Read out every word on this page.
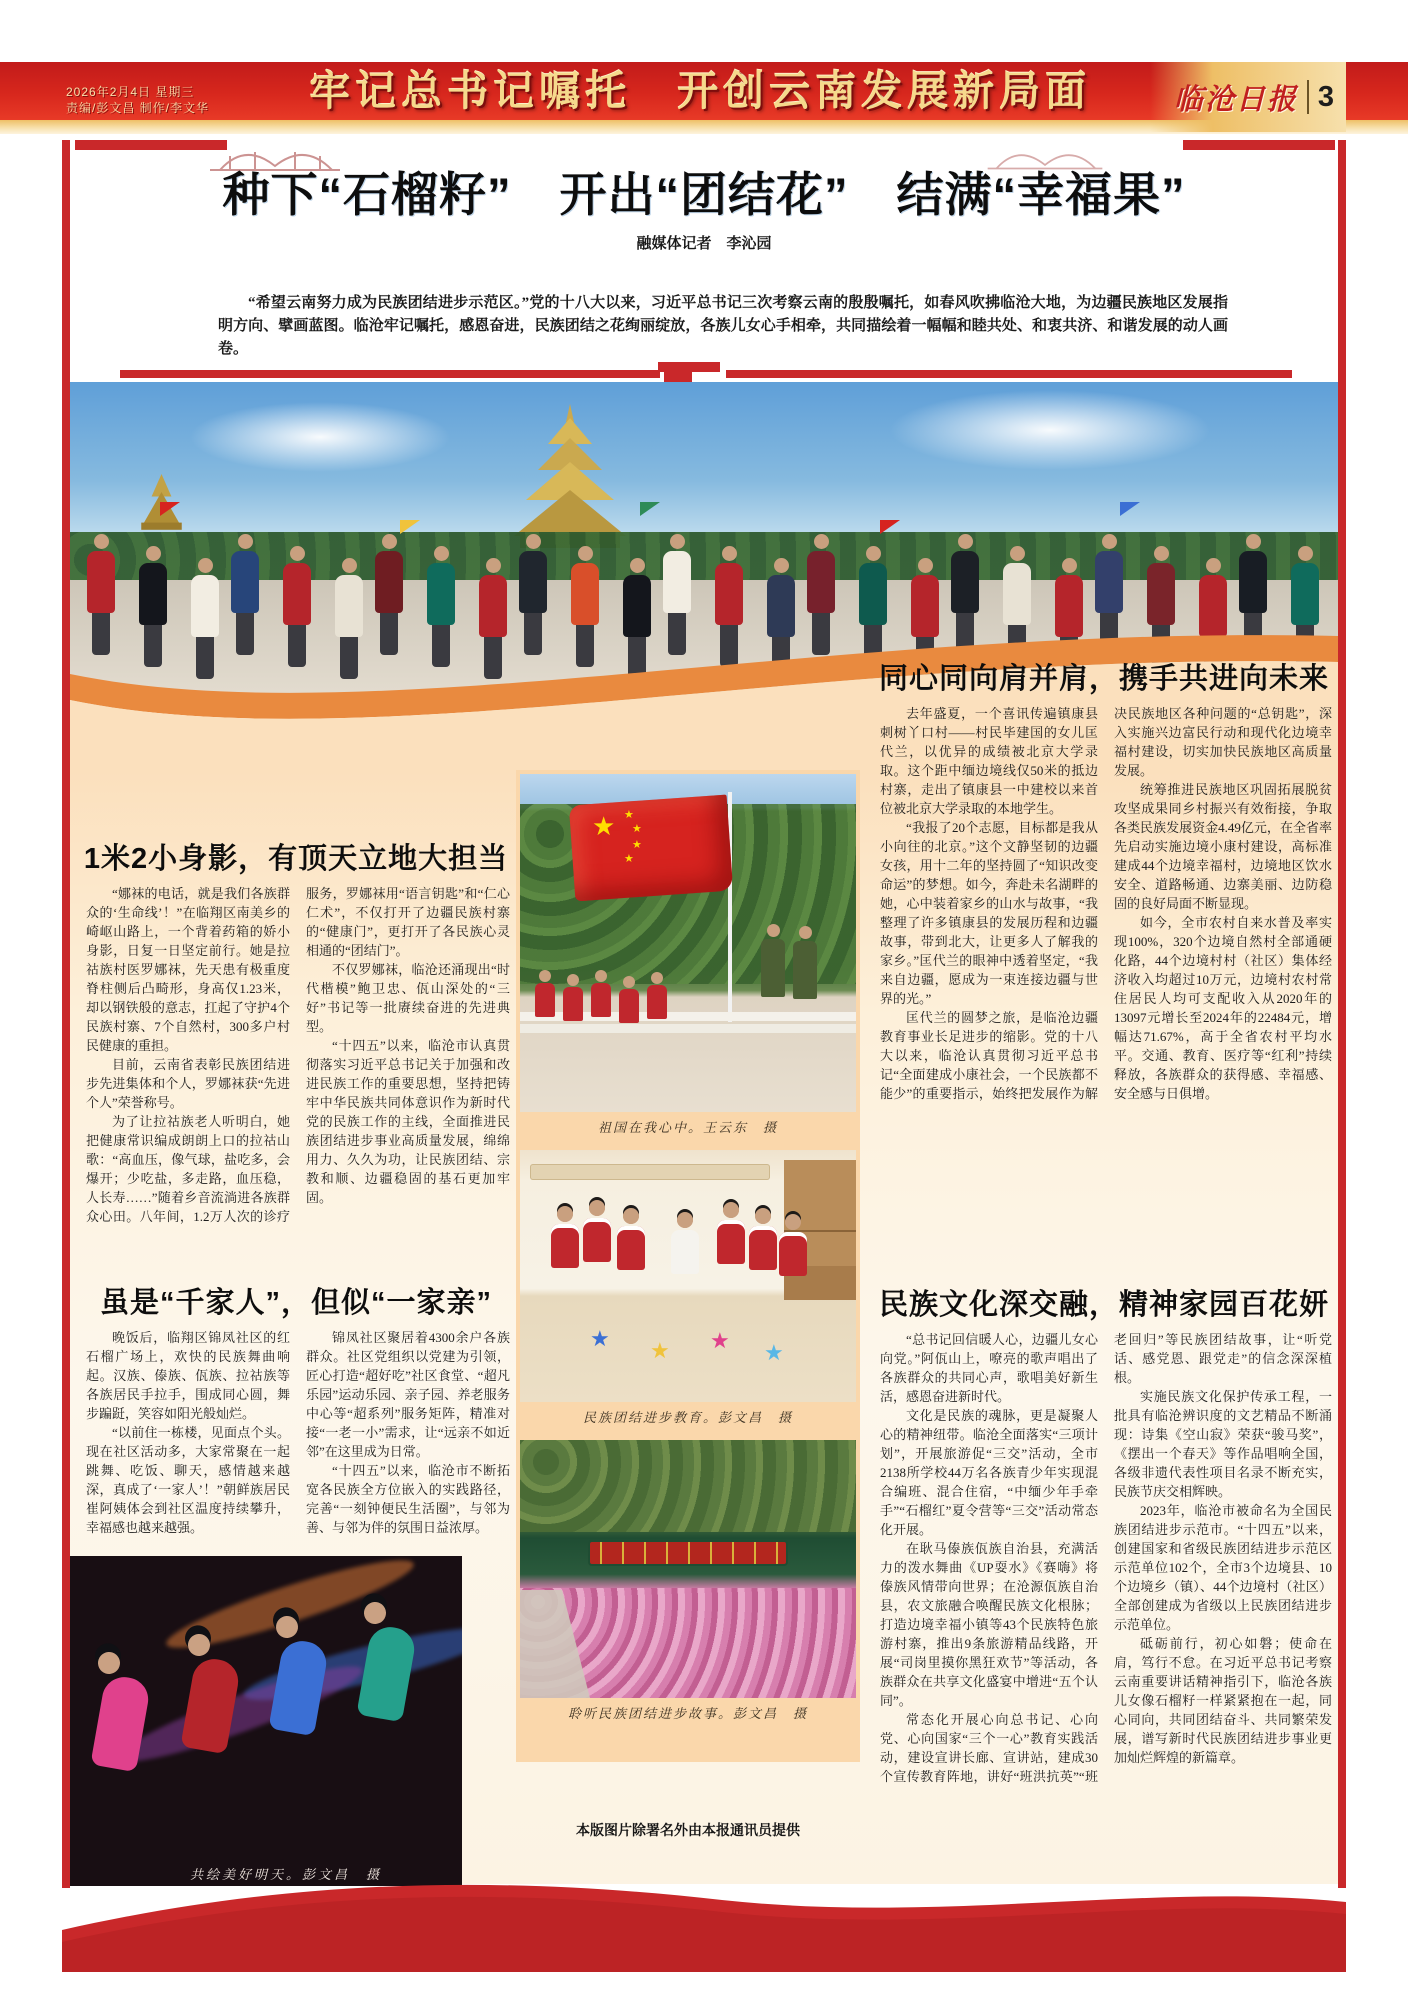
2026年2月4日 星期三
责编/彭文昌 制作/李文华	牢记总书记嘱托　开创云南发展新局面	临沧日报 3
种下“石榴籽”　开出“团结花”　结满“幸福果”
融媒体记者　李沁园
“希望云南努力成为民族团结进步示范区。”党的十八大以来，习近平总书记三次考察云南的殷殷嘱托，如春风吹拂临沧大地，为边疆民族地区发展指明方向、擘画蓝图。临沧牢记嘱托，感恩奋进，民族团结之花绚丽绽放，各族儿女心手相牵，共同描绘着一幅幅和睦共处、和衷共济、和谐发展的动人画卷。
1米2小身影，有顶天立地大担当

“娜袜的电话，就是我们各族群众的‘生命线’！”在临翔区南美乡的崎岖山路上，一个背着药箱的娇小身影，日复一日坚定前行。她是拉祜族村医罗娜袜，先天患有极重度脊柱侧后凸畸形，身高仅1.23米，却以钢铁般的意志，扛起了守护4个民族村寨、7个自然村，300多户村民健康的重担。

目前，云南省表彰民族团结进步先进集体和个人，罗娜袜获“先进个人”荣誉称号。

为了让拉祜族老人听明白，她把健康常识编成朗朗上口的拉祜山歌：“高血压，像气球，盐吃多，会爆开；少吃盐，多走路，血压稳，人长寿……”随着乡音流淌进各族群众心田。八年间，1.2万人次的诊疗服务，罗娜袜用“语言钥匙”和“仁心仁术”，不仅打开了边疆民族村寨的“健康门”，更打开了各民族心灵相通的“团结门”。

不仅罗娜袜，临沧还涌现出“时代楷模”鲍卫忠、佤山深处的“三好”书记等一批赓续奋进的先进典型。

“十四五”以来，临沧市认真贯彻落实习近平总书记关于加强和改进民族工作的重要思想，坚持把铸牢中华民族共同体意识作为新时代党的民族工作的主线，全面推进民族团结进步事业高质量发展，绵绵用力、久久为功，让民族团结、宗教和顺、边疆稳固的基石更加牢固。

虽是“千家人”，但似“一家亲”

晚饭后，临翔区锦凤社区的红石榴广场上，欢快的民族舞曲响起。汉族、傣族、佤族、拉祜族等各族居民手拉手，围成同心圆，舞步蹁跹，笑容如阳光般灿烂。

“以前住一栋楼，见面点个头。现在社区活动多，大家常聚在一起跳舞、吃饭、聊天，感情越来越深，真成了‘一家人’！”朝鲜族居民崔阿姨体会到社区温度持续攀升，幸福感也越来越强。

锦凤社区聚居着4300余户各族群众。社区党组织以党建为引领，匠心打造“超好吃”社区食堂、“超凡乐园”运动乐园、亲子园、养老服务中心等“超系列”服务矩阵，精准对接“一老一小”需求，让“远亲不如近邻”在这里成为日常。

“十四五”以来，临沧市不断拓宽各民族全方位嵌入的实践路径，完善“一刻钟便民生活圈”，与邻为善、与邻为伴的氛围日益浓厚。

同心同向肩并肩，携手共进向未来

去年盛夏，一个喜讯传遍镇康县刺树丫口村——村民毕建国的女儿匡代兰，以优异的成绩被北京大学录取。这个距中缅边境线仅50米的抵边村寨，走出了镇康县一中建校以来首位被北京大学录取的本地学生。

“我报了20个志愿，目标都是我从小向往的北京。”这个文静坚韧的边疆女孩，用十二年的坚持圆了“知识改变命运”的梦想。如今，奔赴未名湖畔的她，心中装着家乡的山水与故事，“我整理了许多镇康县的发展历程和边疆故事，带到北大，让更多人了解我的家乡。”匡代兰的眼神中透着坚定，“我来自边疆，愿成为一束连接边疆与世界的光。”

匡代兰的圆梦之旅，是临沧边疆教育事业长足进步的缩影。党的十八大以来，临沧认真贯彻习近平总书记“全面建成小康社会，一个民族都不能少”的重要指示，始终把发展作为解决民族地区各种问题的“总钥匙”，深入实施兴边富民行动和现代化边境幸福村建设，切实加快民族地区高质量发展。

统筹推进民族地区巩固拓展脱贫攻坚成果同乡村振兴有效衔接，争取各类民族发展资金4.49亿元，在全省率先启动实施边境小康村建设，高标准建成44个边境幸福村，边境地区饮水安全、道路畅通、边寨美丽、边防稳固的良好局面不断显现。

如今，全市农村自来水普及率实现100%，320个边境自然村全部通硬化路，44个边境村村（社区）集体经济收入均超过10万元，边境村农村常住居民人均可支配收入从2020年的13097元增长至2024年的22484元，增幅达71.67%，高于全省农村平均水平。交通、教育、医疗等“红利”持续释放，各族群众的获得感、幸福感、安全感与日俱增。

民族文化深交融，精神家园百花妍

“总书记回信暖人心，边疆儿女心向党。”阿佤山上，嘹亮的歌声唱出了各族群众的共同心声，歌唱美好新生活，感恩奋进新时代。

文化是民族的魂脉，更是凝聚人心的精神纽带。临沧全面落实“三项计划”，开展旅游促“三交”活动，全市2138所学校44万名各族青少年实现混合编班、混合住宿，“中缅少年手牵手”“石榴红”夏令营等“三交”活动常态化开展。

在耿马傣族佤族自治县，充满活力的泼水舞曲《UP耍水》《赛嗨》将傣族风情带向世界；在沧源佤族自治县，农文旅融合唤醒民族文化根脉；打造边境幸福小镇等43个民族特色旅游村寨，推出9条旅游精品线路，开展“司岗里摸你黑狂欢节”等活动，各族群众在共享文化盛宴中增进“五个认同”。

常态化开展心向总书记、心向党、心向国家“三个一心”教育实践活动，建设宣讲长廊、宣讲站，建成30个宣传教育阵地，讲好“班洪抗英”“班老回归”等民族团结故事，让“听党话、感党恩、跟党走”的信念深深植根。

实施民族文化保护传承工程，一批具有临沧辨识度的文艺精品不断涌现：诗集《空山寂》荣获“骏马奖”，《摆出一个春天》等作品唱响全国，各级非遗代表性项目名录不断充实，民族节庆交相辉映。

2023年，临沧市被命名为全国民族团结进步示范市。“十四五”以来，创建国家和省级民族团结进步示范区示范单位102个，全市3个边境县、10个边境乡（镇）、44个边境村（社区）全部创建成为省级以上民族团结进步示范单位。

砥砺前行，初心如磐；使命在肩，笃行不怠。在习近平总书记考察云南重要讲话精神指引下，临沧各族儿女像石榴籽一样紧紧抱在一起，同心同向，共同团结奋斗、共同繁荣发展，谱写新时代民族团结进步事业更加灿烂辉煌的新篇章。

★ ★
★
★
★
祖国在我心中。王云东　摄
★ ★ ★ ★
民族团结进步教育。彭文昌　摄
聆听民族团结进步故事。彭文昌　摄
本版图片除署名外由本报通讯员提供
共绘美好明天。彭文昌　摄
